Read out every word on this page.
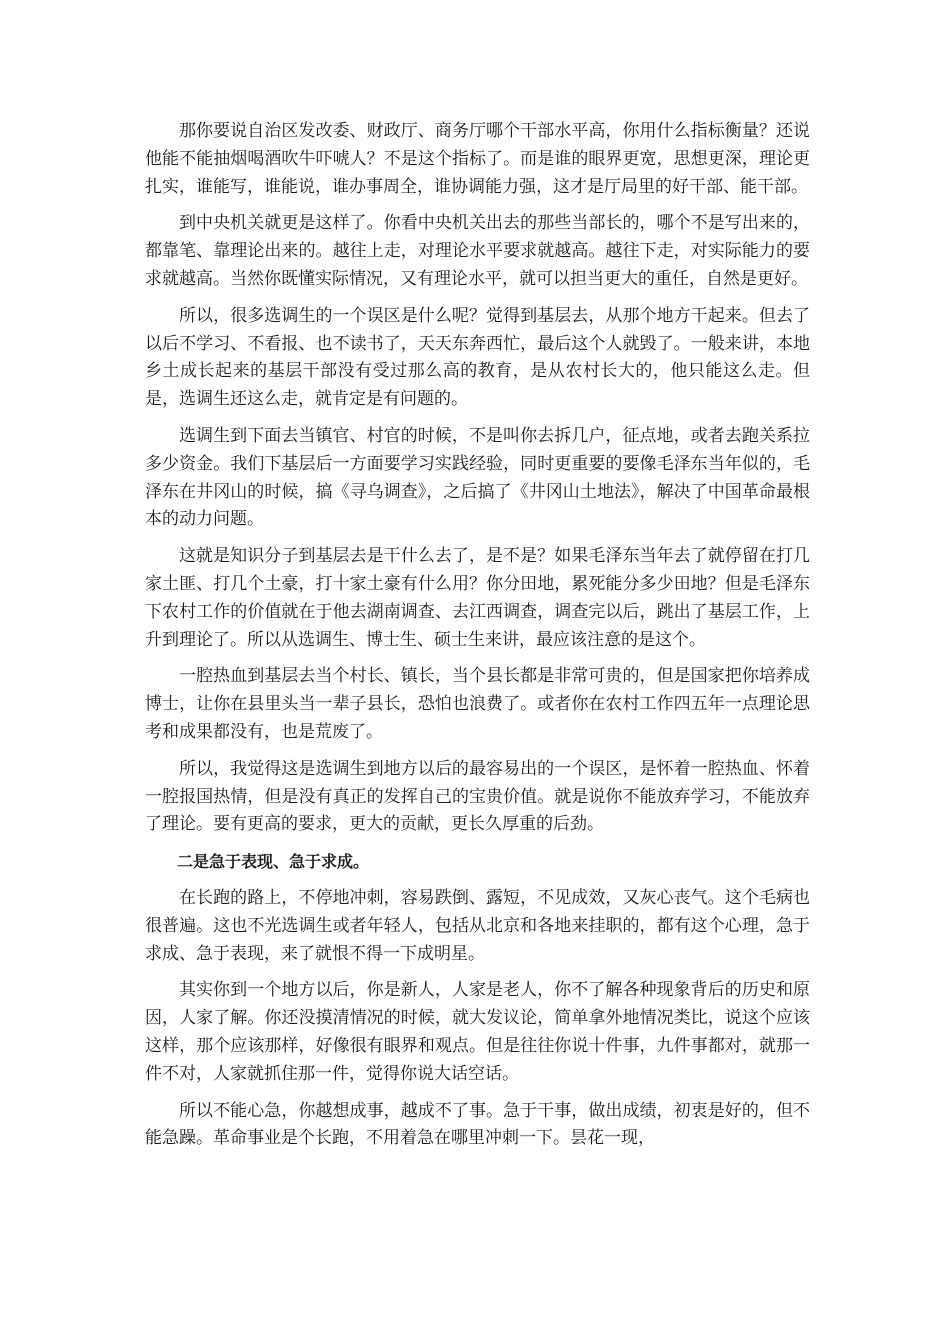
那你要说自治区发改委、财政厅、商务厅哪个干部水平高，你用什么指标衡量？还说他能不能抽烟喝酒吹牛吓唬人？不是这个指标了。而是谁的眼界更宽，思想更深，理论更扎实，谁能写，谁能说，谁办事周全，谁协调能力强，这才是厅局里的好干部、能干部。

到中央机关就更是这样了。你看中央机关出去的那些当部长的，哪个不是写出来的，都靠笔、靠理论出来的。越往上走，对理论水平要求就越高。越往下走，对实际能力的要求就越高。当然你既懂实际情况，又有理论水平，就可以担当更大的重任，自然是更好。

所以，很多选调生的一个误区是什么呢？觉得到基层去，从那个地方干起来。但去了以后不学习、不看报、也不读书了，天天东奔西忙，最后这个人就毁了。一般来讲，本地乡土成长起来的基层干部没有受过那么高的教育，是从农村长大的，他只能这么走。但是，选调生还这么走，就肯定是有问题的。

选调生到下面去当镇官、村官的时候，不是叫你去拆几户，征点地，或者去跑关系拉多少资金。我们下基层后一方面要学习实践经验，同时更重要的要像毛泽东当年似的，毛泽东在井冈山的时候，搞《寻乌调查》，之后搞了《井冈山土地法》，解决了中国革命最根本的动力问题。

这就是知识分子到基层去是干什么去了，是不是？如果毛泽东当年去了就停留在打几家土匪、打几个土豪，打十家土豪有什么用？你分田地，累死能分多少田地？但是毛泽东下农村工作的价值就在于他去湖南调查、去江西调查，调查完以后，跳出了基层工作，上升到理论了。所以从选调生、博士生、硕士生来讲，最应该注意的是这个。

一腔热血到基层去当个村长、镇长，当个县长都是非常可贵的，但是国家把你培养成博士，让你在县里头当一辈子县长，恐怕也浪费了。或者你在农村工作四五年一点理论思考和成果都没有，也是荒废了。

所以，我觉得这是选调生到地方以后的最容易出的一个误区，是怀着一腔热血、怀着一腔报国热情，但是没有真正的发挥自己的宝贵价值。就是说你不能放弃学习，不能放弃了理论。要有更高的要求，更大的贡献，更长久厚重的后劲。

二是急于表现、急于求成。

在长跑的路上，不停地冲刺，容易跌倒、露短，不见成效，又灰心丧气。这个毛病也很普遍。这也不光选调生或者年轻人，包括从北京和各地来挂职的，都有这个心理，急于求成、急于表现，来了就恨不得一下成明星。

其实你到一个地方以后，你是新人，人家是老人，你不了解各种现象背后的历史和原因，人家了解。你还没摸清情况的时候，就大发议论，简单拿外地情况类比，说这个应该这样，那个应该那样，好像很有眼界和观点。但是往往你说十件事，九件事都对，就那一件不对，人家就抓住那一件，觉得你说大话空话。

所以不能心急，你越想成事，越成不了事。急于干事，做出成绩，初衷是好的，但不能急躁。革命事业是个长跑，不用着急在哪里冲刺一下。昙花一现，
